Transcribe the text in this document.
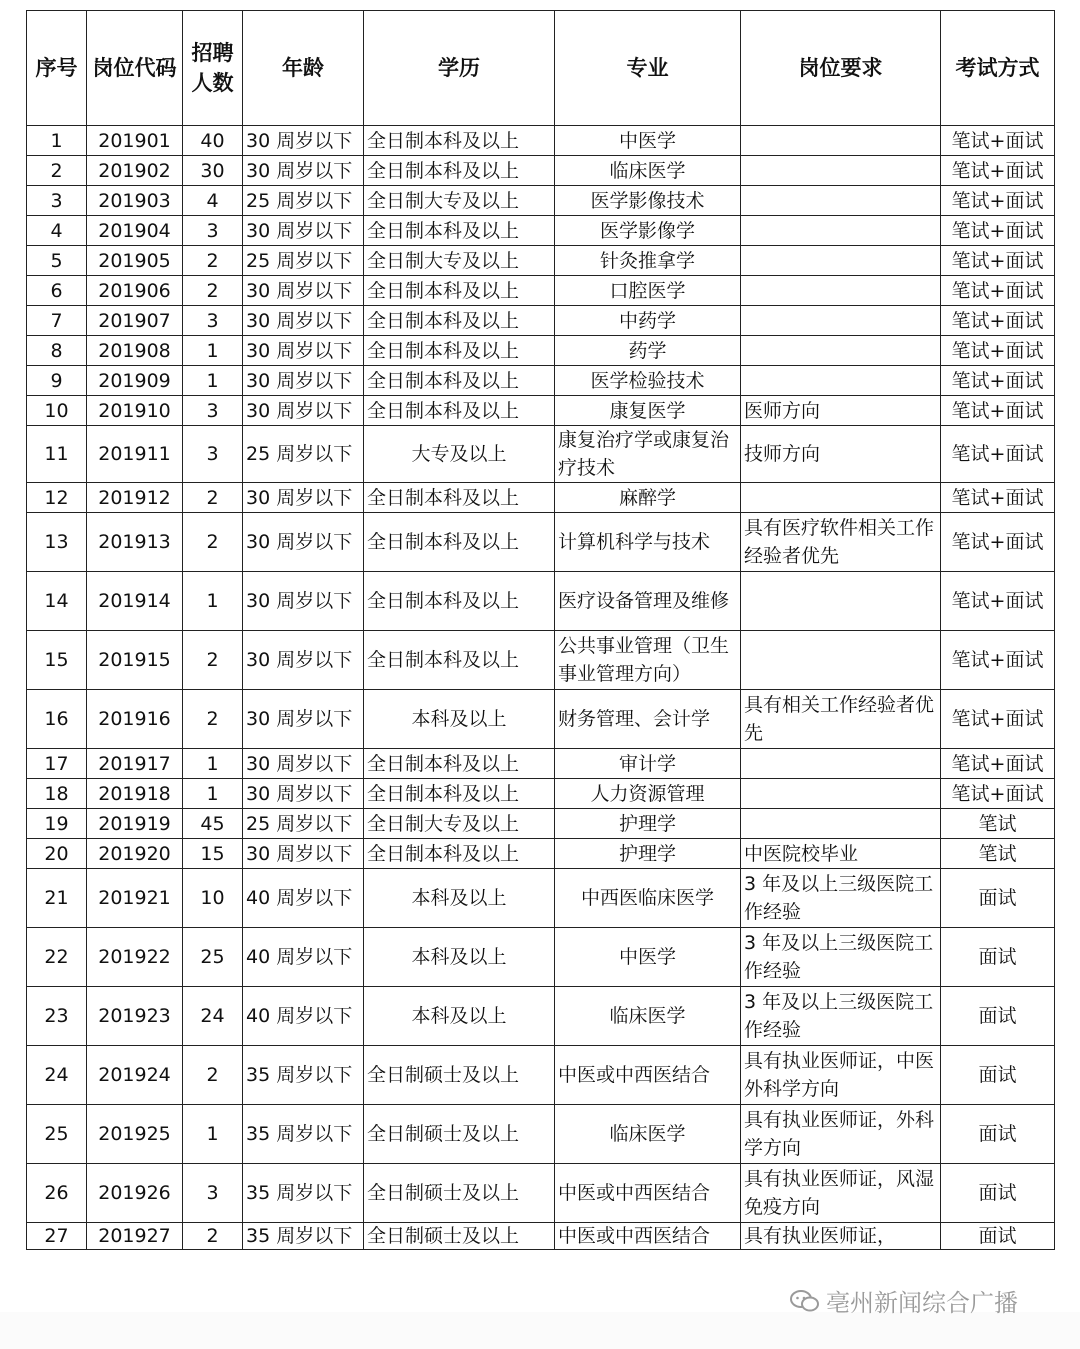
序号	岗位代码	招聘人数	年龄	学历	专业	岗位要求	考试方式
1	201901	40	30 周岁以下	全日制本科及以上	中医学		笔试+面试
2	201902	30	30 周岁以下	全日制本科及以上	临床医学		笔试+面试
3	201903	4	25 周岁以下	全日制大专及以上	医学影像技术		笔试+面试
4	201904	3	30 周岁以下	全日制本科及以上	医学影像学		笔试+面试
5	201905	2	25 周岁以下	全日制大专及以上	针灸推拿学		笔试+面试
6	201906	2	30 周岁以下	全日制本科及以上	口腔医学		笔试+面试
7	201907	3	30 周岁以下	全日制本科及以上	中药学		笔试+面试
8	201908	1	30 周岁以下	全日制本科及以上	药学		笔试+面试
9	201909	1	30 周岁以下	全日制本科及以上	医学检验技术		笔试+面试
10	201910	3	30 周岁以下	全日制本科及以上	康复医学	医师方向	笔试+面试
11	201911	3	25 周岁以下	大专及以上	康复治疗学或康复治疗技术	技师方向	笔试+面试
12	201912	2	30 周岁以下	全日制本科及以上	麻醉学		笔试+面试
13	201913	2	30 周岁以下	全日制本科及以上	计算机科学与技术	具有医疗软件相关工作经验者优先	笔试+面试
14	201914	1	30 周岁以下	全日制本科及以上	医疗设备管理及维修		笔试+面试
15	201915	2	30 周岁以下	全日制本科及以上	公共事业管理（卫生事业管理方向）		笔试+面试
16	201916	2	30 周岁以下	本科及以上	财务管理、会计学	具有相关工作经验者优先	笔试+面试
17	201917	1	30 周岁以下	全日制本科及以上	审计学		笔试+面试
18	201918	1	30 周岁以下	全日制本科及以上	人力资源管理		笔试+面试
19	201919	45	25 周岁以下	全日制大专及以上	护理学		笔试
20	201920	15	30 周岁以下	全日制本科及以上	护理学	中医院校毕业	笔试
21	201921	10	40 周岁以下	本科及以上	中西医临床医学	3 年及以上三级医院工作经验	面试
22	201922	25	40 周岁以下	本科及以上	中医学	3 年及以上三级医院工作经验	面试
23	201923	24	40 周岁以下	本科及以上	临床医学	3 年及以上三级医院工作经验	面试
24	201924	2	35 周岁以下	全日制硕士及以上	中医或中西医结合	具有执业医师证，中医外科学方向	面试
25	201925	1	35 周岁以下	全日制硕士及以上	临床医学	具有执业医师证，外科学方向	面试
26	201926	3	35 周岁以下	全日制硕士及以上	中医或中西医结合	具有执业医师证，风湿免疫方向	面试
27	201927	2	35 周岁以下	全日制硕士及以上	中医或中西医结合	具有执业医师证，	面试
亳州新闻综合广播
